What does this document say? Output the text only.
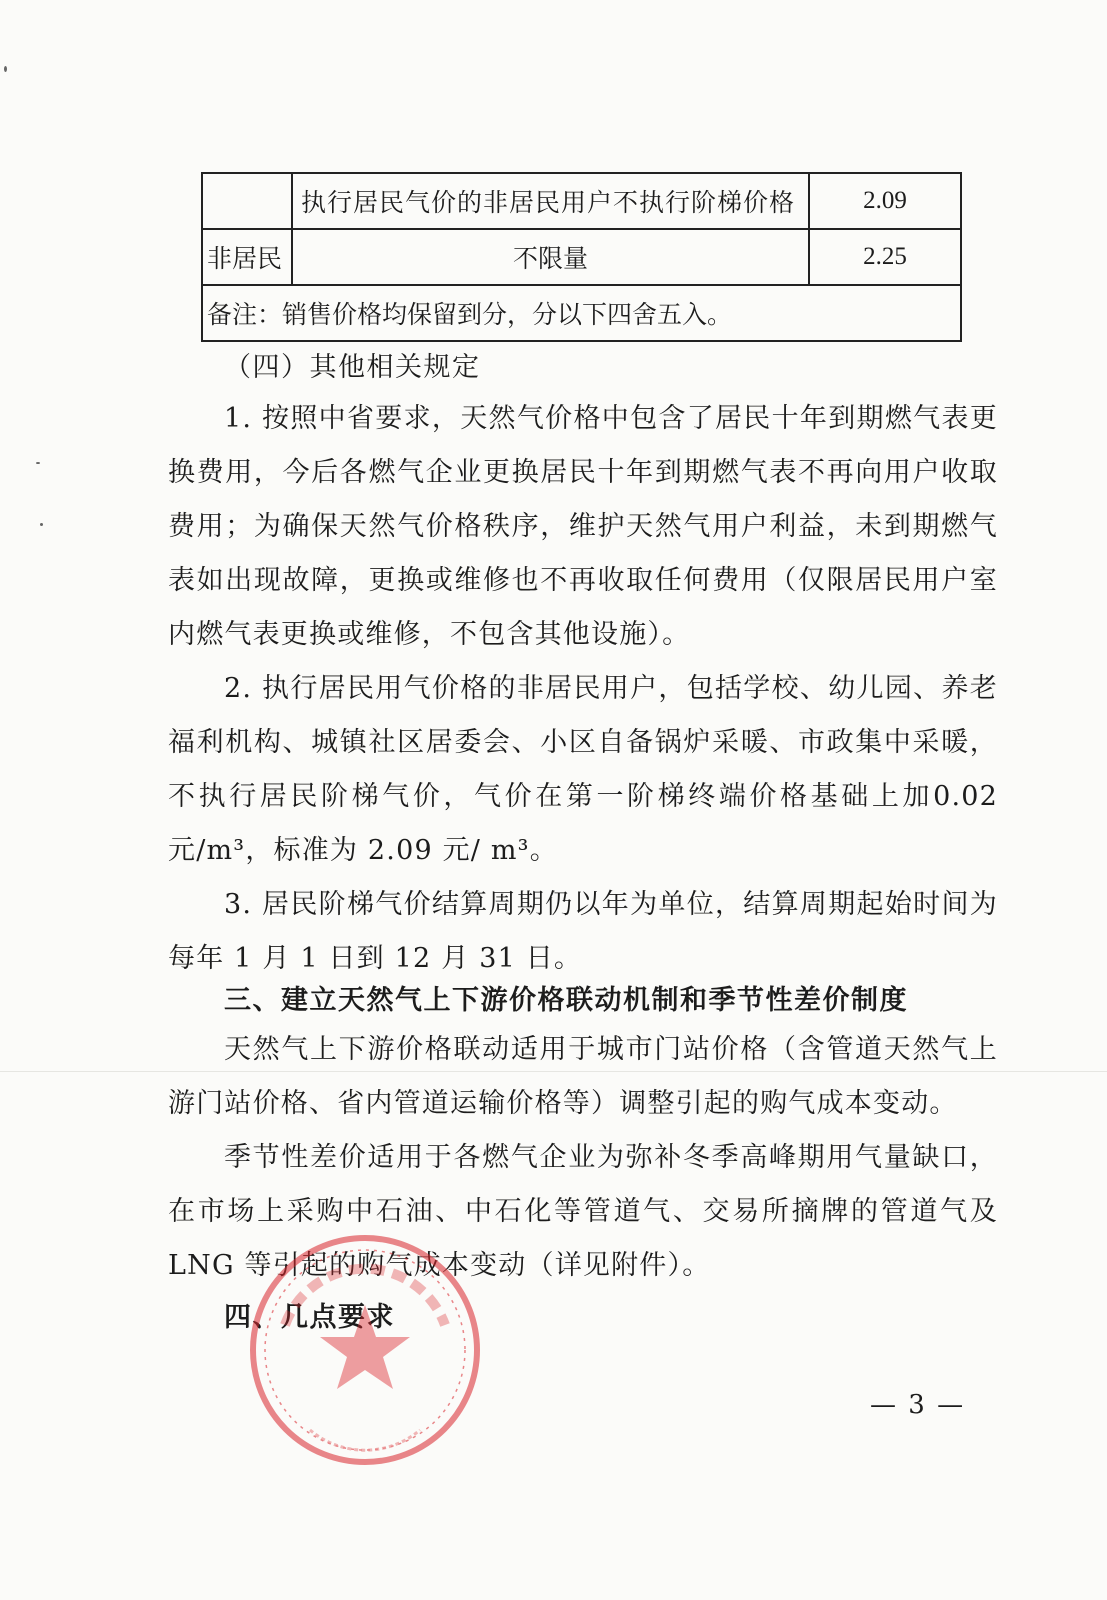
	执行居民气价的非居民用户不执行阶梯价格	2.09
非居民	不限量	2.25
备注：销售价格均保留到分，分以下四舍五入。		
（四）其他相关规定

1. 按照中省要求，天然气价格中包含了居民十年到期燃气表更换费用，今后各燃气企业更换居民十年到期燃气表不再向用户收取费用；为确保天然气价格秩序，维护天然气用户利益，未到期燃气表如出现故障，更换或维修也不再收取任何费用（仅限居民用户室内燃气表更换或维修，不包含其他设施）。

2. 执行居民用气价格的非居民用户，包括学校、幼儿园、养老福利机构、城镇社区居委会、小区自备锅炉采暖、市政集中采暖，不执行居民阶梯气价，气价在第一阶梯终端价格基础上加0.02 元/m³，标准为 2.09 元/ m³。

3. 居民阶梯气价结算周期仍以年为单位，结算周期起始时间为每年 1 月 1 日到 12 月 31 日。

三、建立天然气上下游价格联动机制和季节性差价制度

天然气上下游价格联动适用于城市门站价格（含管道天然气上游门站价格、省内管道运输价格等）调整引起的购气成本变动。

季节性差价适用于各燃气企业为弥补冬季高峰期用气量缺口，在市场上采购中石油、中石化等管道气、交易所摘牌的管道气及 LNG 等引起的购气成本变动（详见附件）。

四、几点要求
— 3 —
